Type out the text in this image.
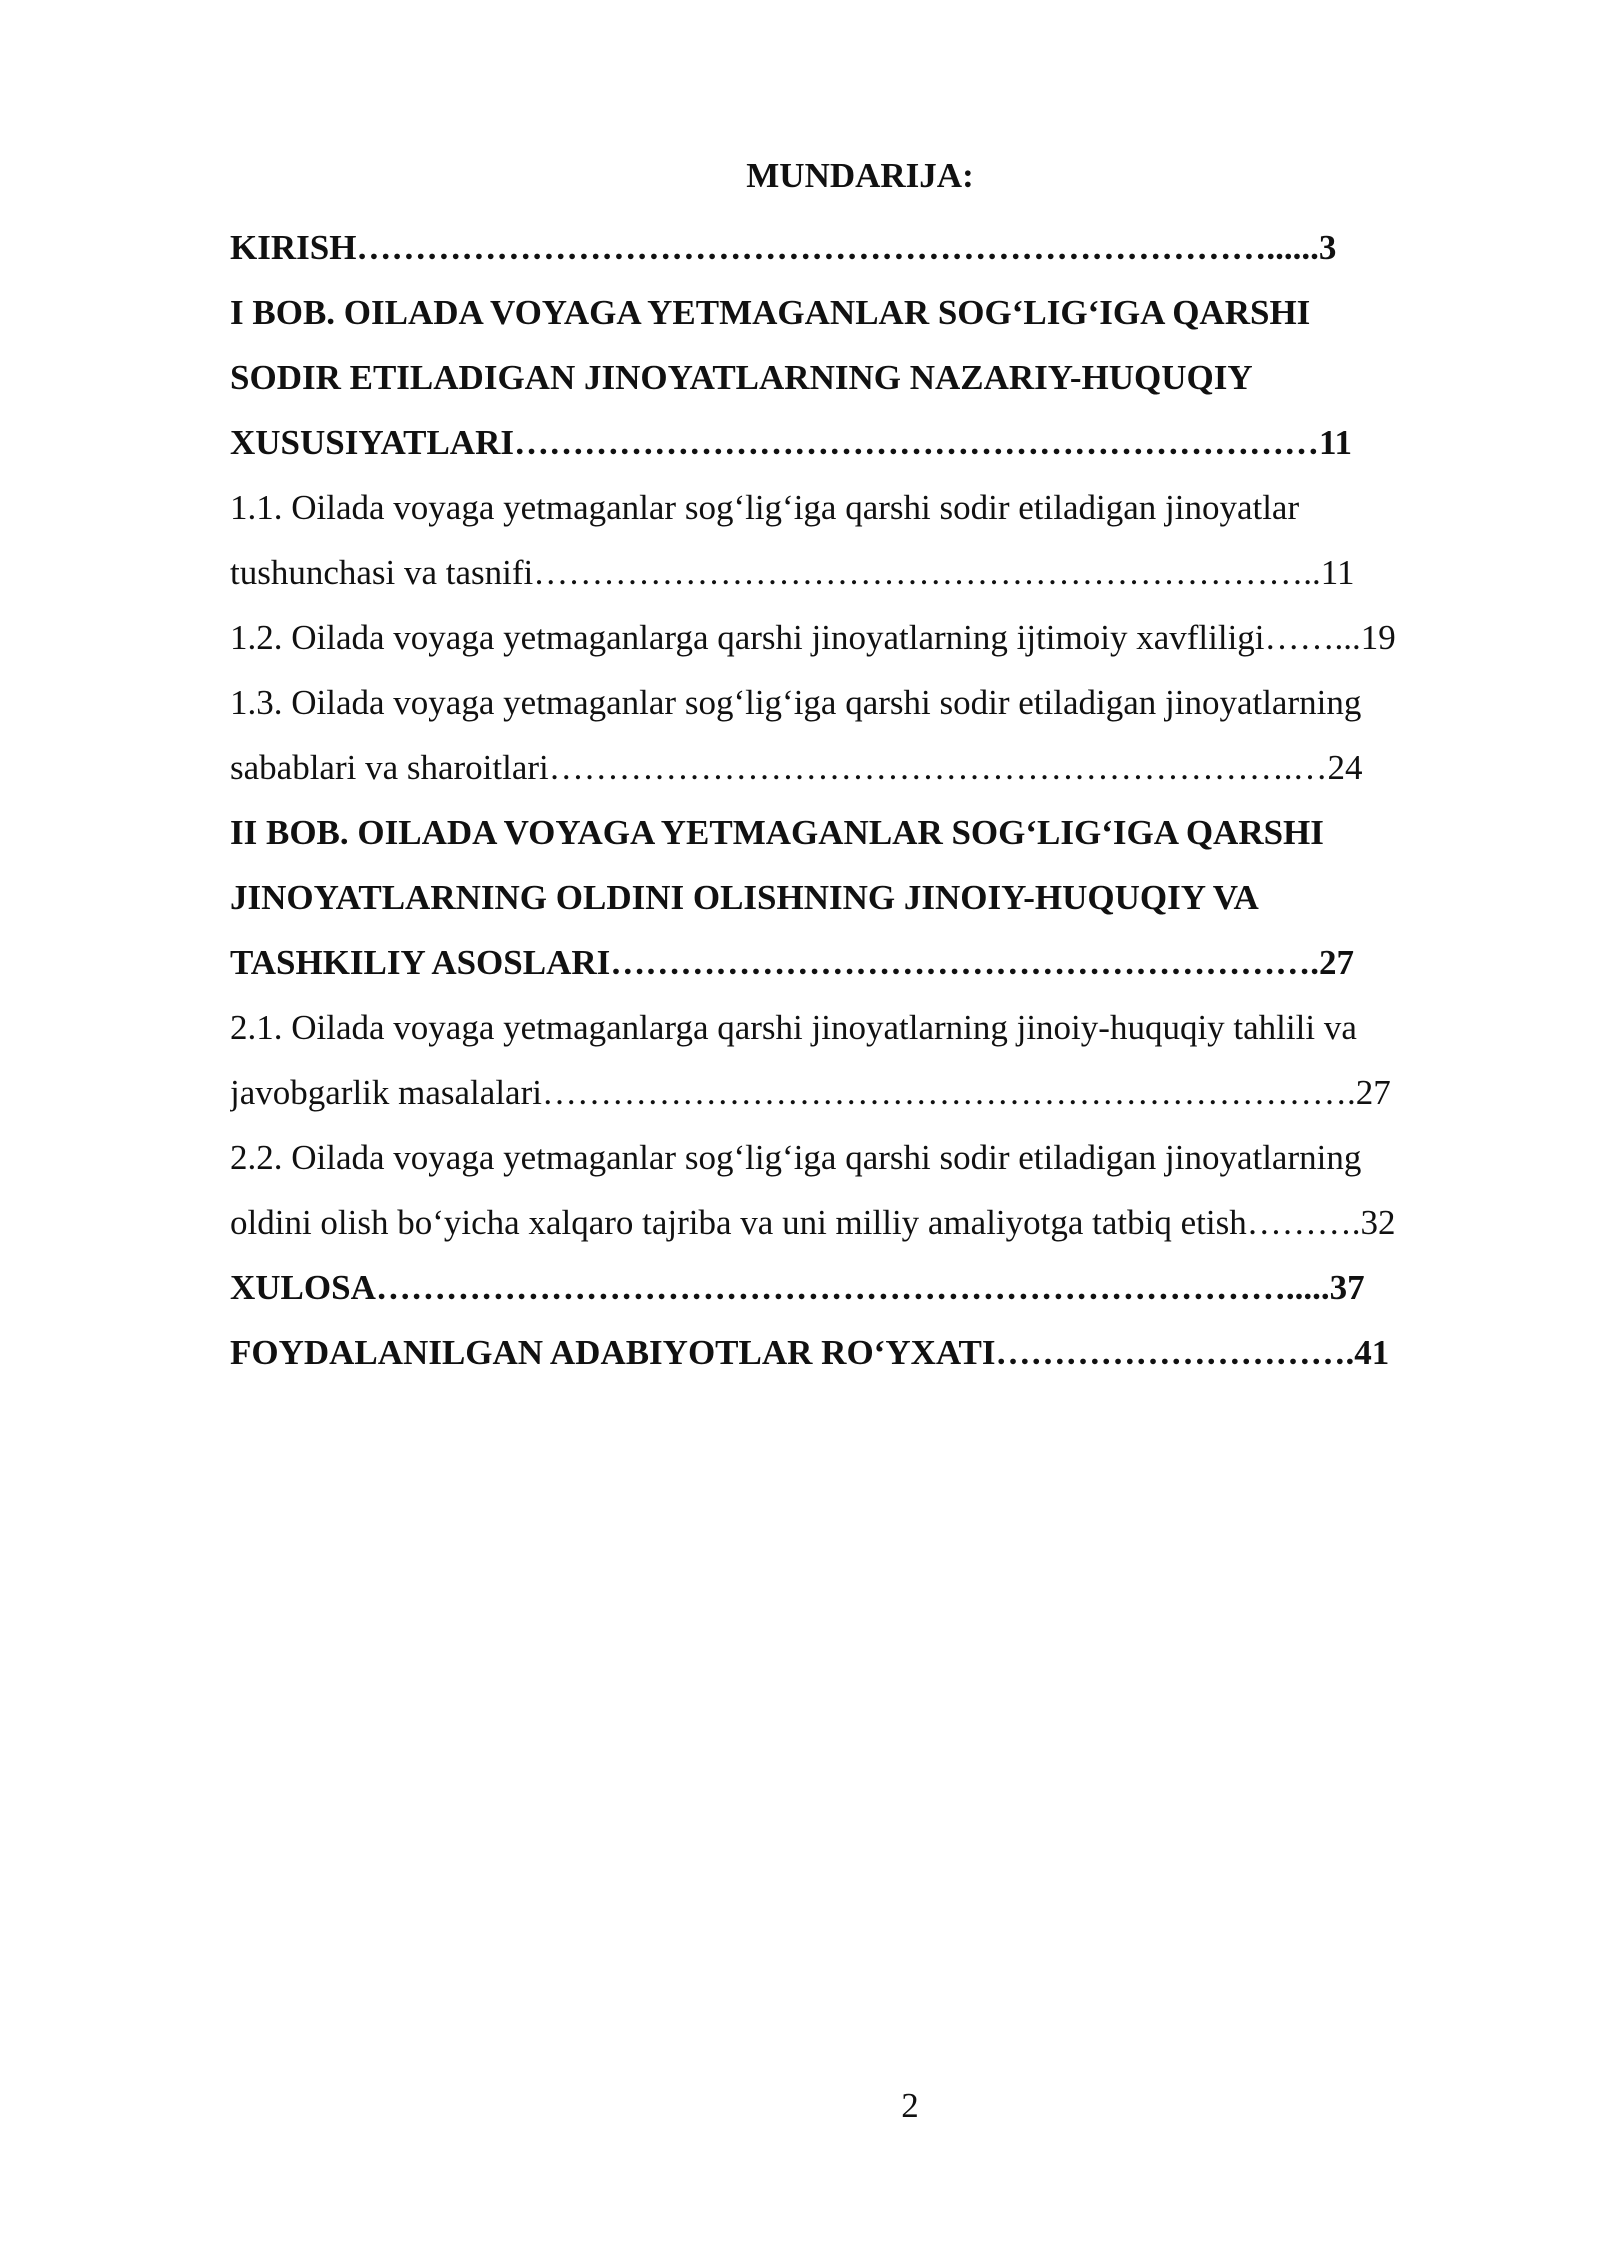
MUNDARIJA:
KIRISH……………………………………………………………………......3
I BOB. OILADA VOYAGA YETMAGANLAR SOG‘LIG‘IGA QARSHI
SODIR ETILADIGAN JINOYATLARNING NAZARIY-HUQUQIY
XUSUSIYATLARI……………………………………………………………11
1.1. Oilada voyaga yetmaganlar sog‘lig‘iga qarshi sodir etiladigan jinoyatlar
tushunchasi va tasnifi…………………………………………………………..11
1.2. Oilada voyaga yetmaganlarga qarshi jinoyatlarning ijtimoiy xavfliligi……...19
1.3. Oilada voyaga yetmaganlar sog‘lig‘iga qarshi sodir etiladigan jinoyatlarning
sabablari va sharoitlari……………………………………………………….…24
II BOB. OILADA VOYAGA YETMAGANLAR SOG‘LIG‘IGA QARSHI
JINOYATLARNING OLDINI OLISHNING JINOIY-HUQUQIY VA
TASHKILIY ASOSLARI…………………………………………………….27
2.1. Oilada voyaga yetmaganlarga qarshi jinoyatlarning jinoiy-huquqiy tahlili va
javobgarlik masalalari…………………………………………………………….27
2.2. Oilada voyaga yetmaganlar sog‘lig‘iga qarshi sodir etiladigan jinoyatlarning
oldini olish bo‘yicha xalqaro tajriba va uni milliy amaliyotga tatbiq etish……….32
XULOSA…………………………………………………………………….....37
FOYDALANILGAN ADABIYOTLAR RO‘YXATI………………………….41
2
